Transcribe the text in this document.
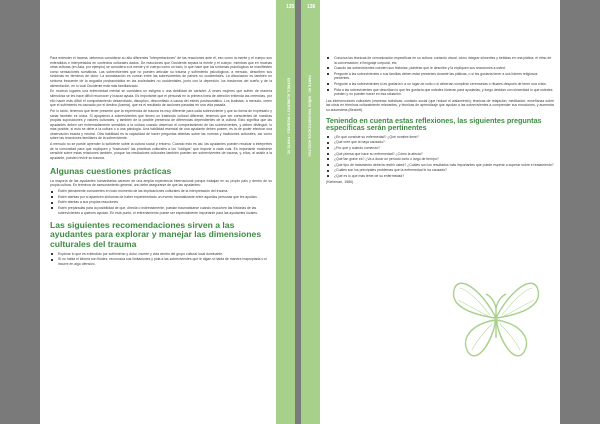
135	136
ESTRÉS, ALIMENTO Y MUJERES · PARTE 6C	PARTE 6C · NIÑOS TRAUMATIZADOS ADULTOS

Para entender el trauma, debemos considerar su alto diferentes "interpretaciones" de las reacciones ante él, eso como la mente y el cuerpo son entendidos e interpretados en contextos culturales dados. De reacciones que Occidente separa la mente y el cuerpo, mientras que en muchas otras culturas (en Asia, por ejemplo) se considera a la mente y el cuerpo como un todo, lo que hace que los síntomas psicológicos se manifiesten como sensaciones somáticas. Las sobrevivientes que no pueden articular su trauma y sufrimiento psicológicos, a menudo, describen sus síntomas en términos de dolor. La somatización es común entre las sobrevivientes de países no occidentales. La disociación es también un síntoma frecuente de la angustia postraumática en las sociedades no occidentales, junto con la depresión, los trastornos del sueño y de la alimentación, en lo cual Occidente está más familiarizado.

En muchos lugares una enfermedad mental se considera un estigma o una debilidad de carácter. A veces mujeres que sufren de manera silenciosa se les hace difícil reconocer y buscar ayuda. Es importante que el personal en la primera línea de atención entienda las creencias, por ello hacer más difícil el comportamiento desarrollado, disruptivo, desconfiado a causa del estrés postraumático. Los budistas, a menudo, creen que el sufrimiento es causado por el destino (karma), que es el resultado de acciones pasadas en una vida pasada.

Por lo tanto, tenemos que tener presente que la experiencia de trauma es muy diferente para cada sobreviviente y que su forma de expresarlo y sanar también es única. Si apoyamos a sobrevivientes que tienen un trasfondo cultural diferente, tenemos que ser conscientes de nuestras propias suposiciones y valores culturales, y también de la posible presencia de diferencias dependientes de la cultura. Esto significa que las ayudantes deben ser extremadamente sensibles a la cultura cuando observan el comportamiento de las sobrevivientes, y deben distinguir, lo más posible, si esto se debe a la cultura o a una patología. Una habilidad esencial de una ayudante deben poseer, es la de poder efectuar una observación exacta y neutral. Otra habilidad es la capacidad de hacer preguntas abiertas sobre las normas y tradiciones culturales, así como sobre las reacciones familiares de la sobreviviente.

A menudo no se puede aprender lo suficiente sobre la cultura social y entorno. Cuando esto es así, las ayudantes pueden recalcar a intérpretes de la comunidad para que expliquen y "traduzcan" las prácticas culturales a los "códigos" que impone a cada cual. Es importante mostrarse sensible sobre estas relaciones también, porque los mediadores culturales también pueden ser sobrevivientes de trauma, y, ellos, al asistir a la ayudante, pueden revivir su trauma.

Algunas cuestiones prácticas

La mayoría de las ayudantes humanitarias carecen de una amplia experiencia internacional porque trabajan en su propio país y dentro de su propia cultura. En términos de asesoramiento general, uno debe asegurarse de que las ayudantes:

Estén plenamente conscientes en todo momento de las implicaciones culturales de la interpretación del trauma.
Estén atentas por si aparecen síntomas de haber experimentado un evento traumatizante entre aquellas personas que les ayudan.
Estén atentas a sus propias reacciones.
Estén preparadas para la posibilidad de que, directa o indirectamente, puedan traumatizarse cuando escuchen las historias de las sobrevivientes a quienes ayudan. En este punto, el entrenamiento puede ser especialmente importante para las ayudantes locales.
Las siguientes recomendaciones sirven a las ayudantes para explorar y manejar las dimensiones culturales del trauma
Explorar lo que es entendido por sufrimiento y dolor, muerte y vida dentro del grupo cultural local dominante.
Si no habla el idioma con fluidez, reconozca sus limitaciones y pida a las sobrevivientes que le digan si habla de manera inapropiada o si incurre en algo ofensivo.
Conozca las técnicas de comunicación específicas en su cultura: contacto visual, cómo integrar sílmentes y bebidas en una plática; el ritmo de la conversación; el lenguaje corporal, etc.
Cuando las sobrevivientes cuenten sus historias, plántese que le describe y la expliquen sus reacciones a usted.
Pregunte a las sobrevivientes o sus familias deben estar presentes durante las pláticas, o si les gustaría tener a sus líderes religiosos presentes.
Pregunte a las sobrevivientes si es gustaría ir a un lugar de culto o si deberían cumplirse ceremonias o rituales después de tener una crisis.
Pida a las sobrevivientes que describan lo que les gustaría que ustedes hicieran para ayudarlas, y luego decidan con sinceridad lo que ustedes pueden y no pueden hacer en esa situación.

Las intervenciones culturales (maneras holísticas: contacto social (que reduce el aislamiento); técnicas de relajación; meditación; enseñanza sobre las crisis en términos culturalmente relevantes, y técnicas de aprendizaje que ayudan a las sobrevivientes a comprender sus emociones, y aumentar su autoestima (Beckett).

Teniendo en cuenta estas reflexiones, las siguientes preguntas específicas serán pertinentes
¿En qué consiste su enfermedad? ¿Qué nombre tiene?
¿Qué cree que la haya causado?
¿Por qué y cuándo comenzó?
¿Qué piensa que hace su enfermedad? ¿Cómo la afecta?
¿Qué tan grave es? ¿Va a durar un período corto o largo de tiempo?
¿Qué tipo de tratamiento debería recibir usted? ¿Cuáles son los resultados más importantes que puede esperar a superar sobre el tratamiento?
¿Cuáles son los principales problemas que la enfermedad le ha causado?
¿Qué es lo que más teme de su enfermedad?

(Kleinman, 1980)
